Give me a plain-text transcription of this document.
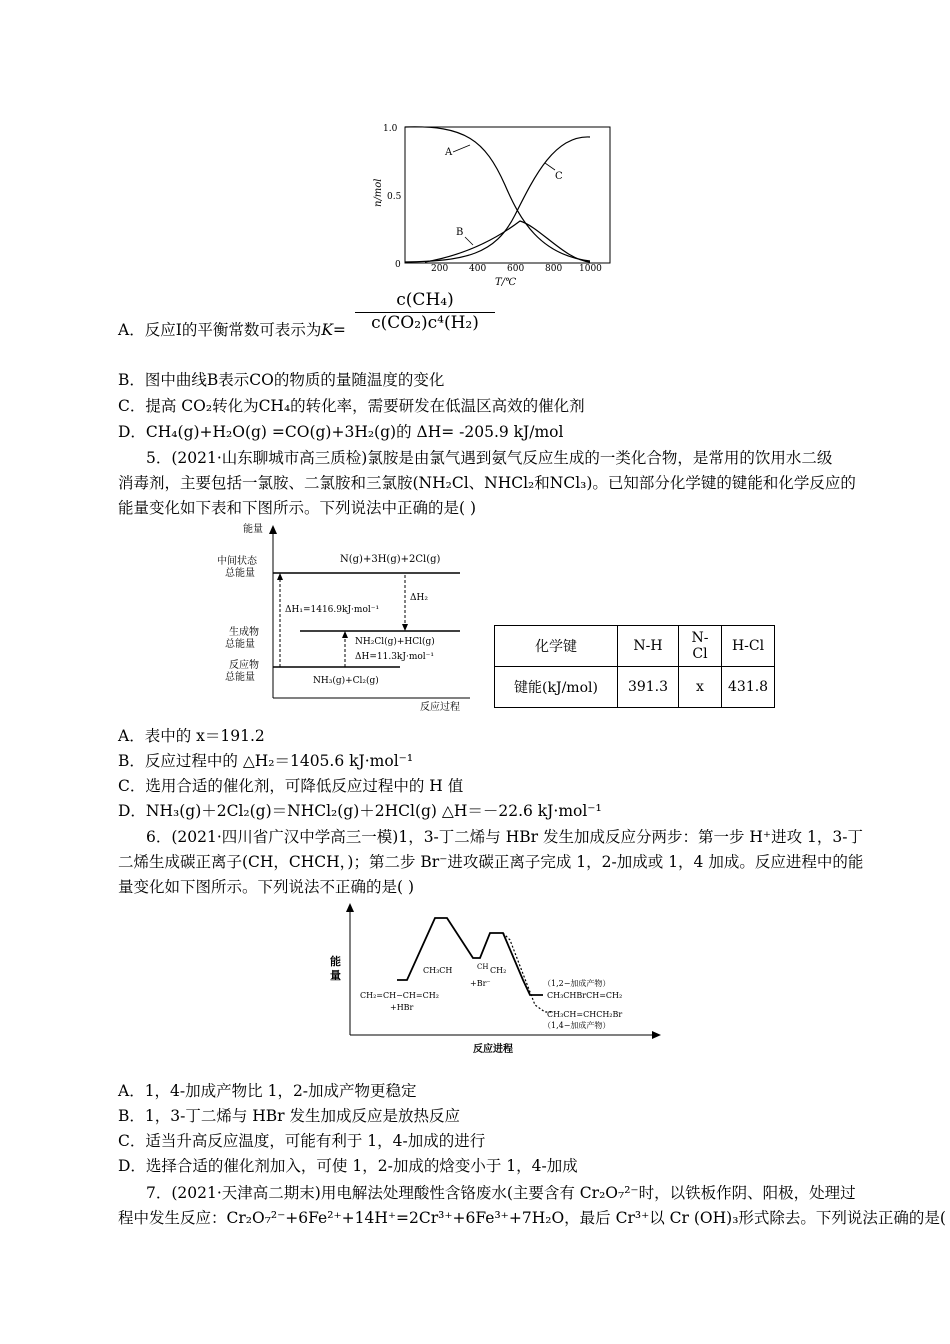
1.0
0.5
0	200 400 600 800 1000
T/℃
n/mol
A
B
C
A．反应Ⅰ的平衡常数可表示为$K= \frac{\text{c(CH₄)}}{\text{c(CO₂)c⁴(H₂)}}$
B．图中曲线B表示CO的物质的量随温度的变化
C．提高 CO₂转化为CH₄的转化率，需要研发在低温区高效的催化剂
D．CH₄(g)+H₂O(g) =CO(g)+3H₂(g)的 ΔH= -205.9 kJ/mol
5．(2021·山东聊城市高三质检)氯胺是由氯气遇到氨气反应生成的一类化合物，是常用的饮用水二级
消毒剂，主要包括一氯胺、二氯胺和三氯胺(NH₂Cl、NHCl₂和NCl₃)。已知部分化学键的键能和化学反应的
能量变化如下表和下图所示。下列说法中正确的是( )
能量
中间状态
总能量
生成物
总能量
反应物
总能量
N(g)+3H(g)+2Cl(g)
NH₂Cl(g)+HCl(g)
ΔH=11.3kJ·mol⁻¹
NH₃(g)+Cl₂(g)
ΔH₁=1416.9kJ·mol⁻¹
ΔH₂
反应过程
化学键	N-H	N-Cl	H-Cl
键能(kJ/mol)	391.3	x	431.8
A．表中的 x＝191.2
B．反应过程中的 △H₂＝1405.6 kJ·mol⁻¹
C．选用合适的催化剂，可降低反应过程中的 H 值
D．NH₃(g)＋2Cl₂(g)＝NHCl₂(g)＋2HCl(g) △H＝－22.6 kJ·mol⁻¹
6．(2021·四川省广汉中学高三一模)1，3-丁二烯与 HBr 发生加成反应分两步：第一步 H⁺进攻 1，3-丁
二烯生成碳正离子(CH，CHCH，)；第二步 Br⁻进攻碳正离子完成 1，2-加成或 1，4 加成。反应进程中的能
量变化如下图所示。下列说法不正确的是( )
能
量
反应进程
CH₂=CH−CH=CH₂
+HBr
CH₃CH	CH CH₂
+Br⁻	（1,2−加成产物）
CH₃CHBrCH=CH₂
CH₃CH=CHCH₂Br
（1,4−加成产物）
A．1，4-加成产物比 1，2-加成产物更稳定
B．1，3-丁二烯与 HBr 发生加成反应是放热反应
C．适当升高反应温度，可能有利于 1，4-加成的进行
D．选择合适的催化剂加入，可使 1，2-加成的焓变小于 1，4-加成
7．(2021·天津高二期末)用电解法处理酸性含铬废水(主要含有 Cr₂O₇²⁻时，以铁板作阴、阳极，处理过
程中发生反应：Cr₂O₇²⁻+6Fe²⁺+14H⁺=2Cr³⁺+6Fe³⁺+7H₂O，最后 Cr³⁺以 Cr (OH)₃形式除去。下列说法正确的是(
